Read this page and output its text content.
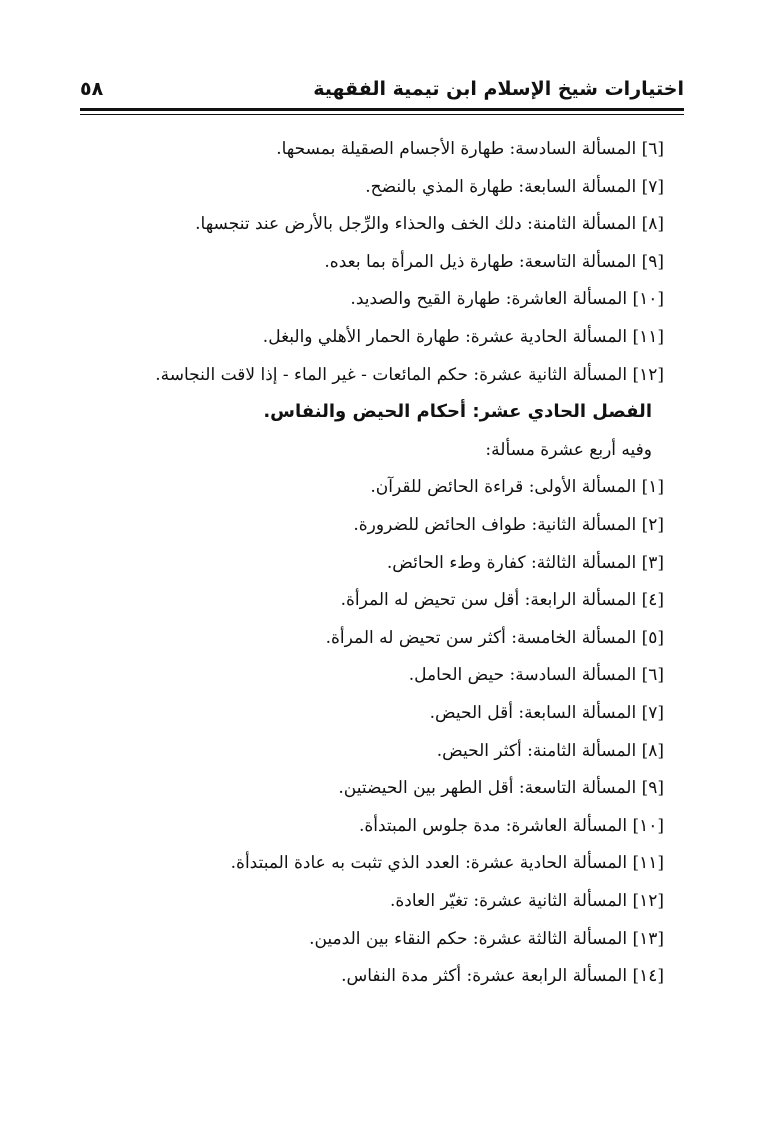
اختيارات شيخ الإسلام ابن تيمية الفقهية
٥٨
[٦] المسألة السادسة: طهارة الأجسام الصقيلة بمسحها.
[٧] المسألة السابعة: طهارة المذي بالنضح.
[٨] المسألة الثامنة: دلك الخف والحذاء والرِّجل بالأرض عند تنجسها.
[٩] المسألة التاسعة: طهارة ذيل المرأة بما بعده.
[١٠] المسألة العاشرة: طهارة القيح والصديد.
[١١] المسألة الحادية عشرة: طهارة الحمار الأهلي والبغل.
[١٢] المسألة الثانية عشرة: حكم المائعات - غير الماء - إذا لاقت النجاسة.
الفصل الحادي عشر: أحكام الحيض والنفاس.
وفيه أربع عشرة مسألة:
[١] المسألة الأولى: قراءة الحائض للقرآن.
[٢] المسألة الثانية: طواف الحائض للضرورة.
[٣] المسألة الثالثة: كفارة وطء الحائض.
[٤] المسألة الرابعة: أقل سن تحيض له المرأة.
[٥] المسألة الخامسة: أكثر سن تحيض له المرأة.
[٦] المسألة السادسة: حيض الحامل.
[٧] المسألة السابعة: أقل الحيض.
[٨] المسألة الثامنة: أكثر الحيض.
[٩] المسألة التاسعة: أقل الطهر بين الحيضتين.
[١٠] المسألة العاشرة: مدة جلوس المبتدأة.
[١١] المسألة الحادية عشرة: العدد الذي تثبت به عادة المبتدأة.
[١٢] المسألة الثانية عشرة: تغيّر العادة.
[١٣] المسألة الثالثة عشرة: حكم النقاء بين الدمين.
[١٤] المسألة الرابعة عشرة: أكثر مدة النفاس.
